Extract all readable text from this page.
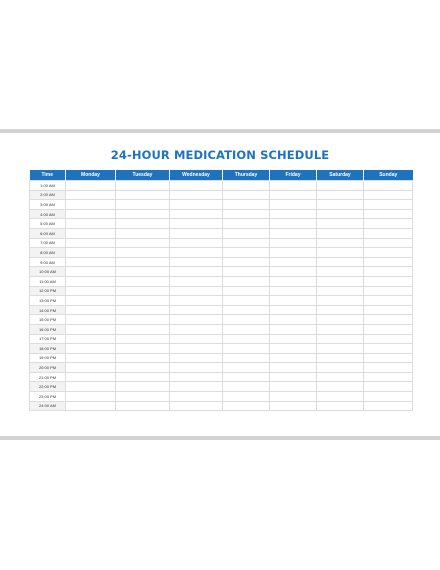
24-HOUR MEDICATION SCHEDULE
Time	Monday	Tuesday	Wednesday	Thursday	Friday	Saturday	Sunday
1:00 AM							
2:00 AM							
3:00 AM							
4:00 AM							
5:00 AM							
6:00 AM							
7:00 AM							
8:00 AM							
9:00 AM							
10:00 AM							
11:00 AM							
12:00 PM							
13:00 PM							
14:00 PM							
15:00 PM							
16:00 PM							
17:00 PM							
18:00 PM							
19:00 PM							
20:00 PM							
21:00 PM							
22:00 PM							
23:00 PM							
24:00 AM							
